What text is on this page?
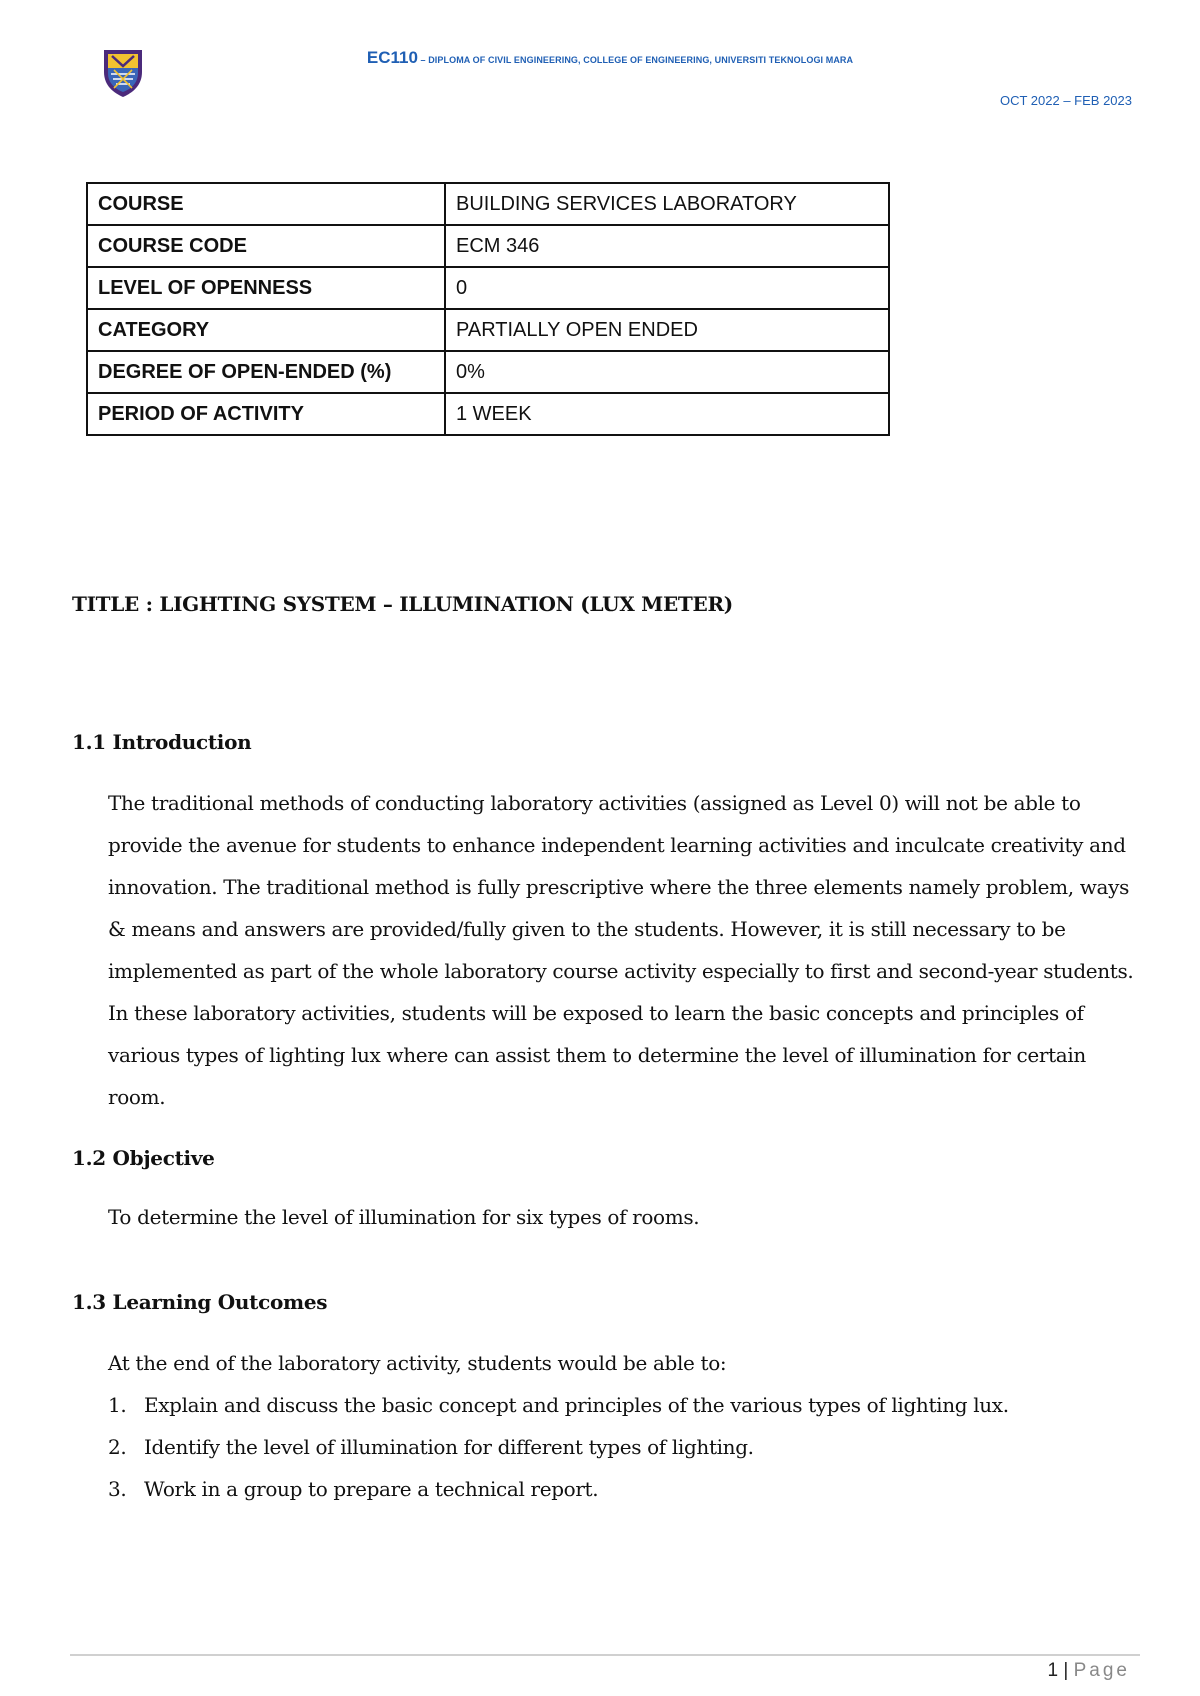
EC110 – DIPLOMA OF CIVIL ENGINEERING, COLLEGE OF ENGINEERING, UNIVERSITI TEKNOLOGI MARA
OCT 2022 – FEB 2023
COURSE	BUILDING SERVICES LABORATORY
COURSE CODE	ECM 346
LEVEL OF OPENNESS	0
CATEGORY	PARTIALLY OPEN ENDED
DEGREE OF OPEN-ENDED (%)	0%
PERIOD OF ACTIVITY	1 WEEK
TITLE : LIGHTING SYSTEM – ILLUMINATION (LUX METER)
1.1 Introduction

The traditional methods of conducting laboratory activities (assigned as Level 0) will not be able to provide the avenue for students to enhance independent learning activities and inculcate creativity and innovation. The traditional method is fully prescriptive where the three elements namely problem, ways & means and answers are provided/fully given to the students. However, it is still necessary to be implemented as part of the whole laboratory course activity especially to first and second-year students.

In these laboratory activities, students will be exposed to learn the basic concepts and principles of various types of lighting lux where can assist them to determine the level of illumination for certain room.

1.2 Objective

To determine the level of illumination for six types of rooms.

1.3 Learning Outcomes

At the end of the laboratory activity, students would be able to:

1. Explain and discuss the basic concept and principles of the various types of lighting lux.
2. Identify the level of illumination for different types of lighting.
3. Work in a group to prepare a technical report.
1 | Page
